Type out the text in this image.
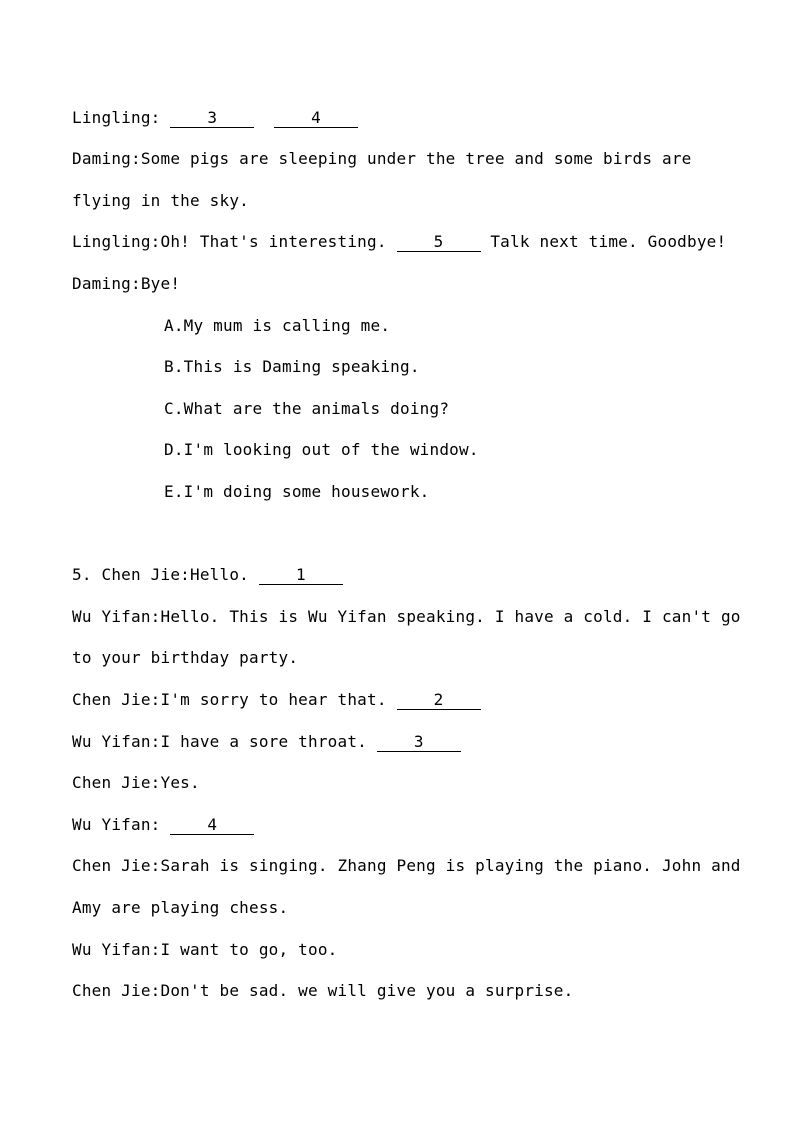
Lingling:	3	4
Daming:Some pigs are sleeping under the tree and some birds are
flying in the sky.
Lingling:Oh! That's interesting.	5	Talk next time. Goodbye!
Daming:Bye!
A.My mum is calling me.
B.This is Daming speaking.
C.What are the animals doing?
D.I'm looking out of the window.
E.I'm doing some housework.
5. Chen Jie:Hello.	1
Wu Yifan:Hello. This is Wu Yifan speaking. I have a cold. I can't go
to your birthday party.
Chen Jie:I'm sorry to hear that.	2
Wu Yifan:I have a sore throat.	3
Chen Jie:Yes.
Wu Yifan:	4
Chen Jie:Sarah is singing. Zhang Peng is playing the piano. John and
Amy are playing chess.
Wu Yifan:I want to go, too.
Chen Jie:Don't be sad. we will give you a surprise.
